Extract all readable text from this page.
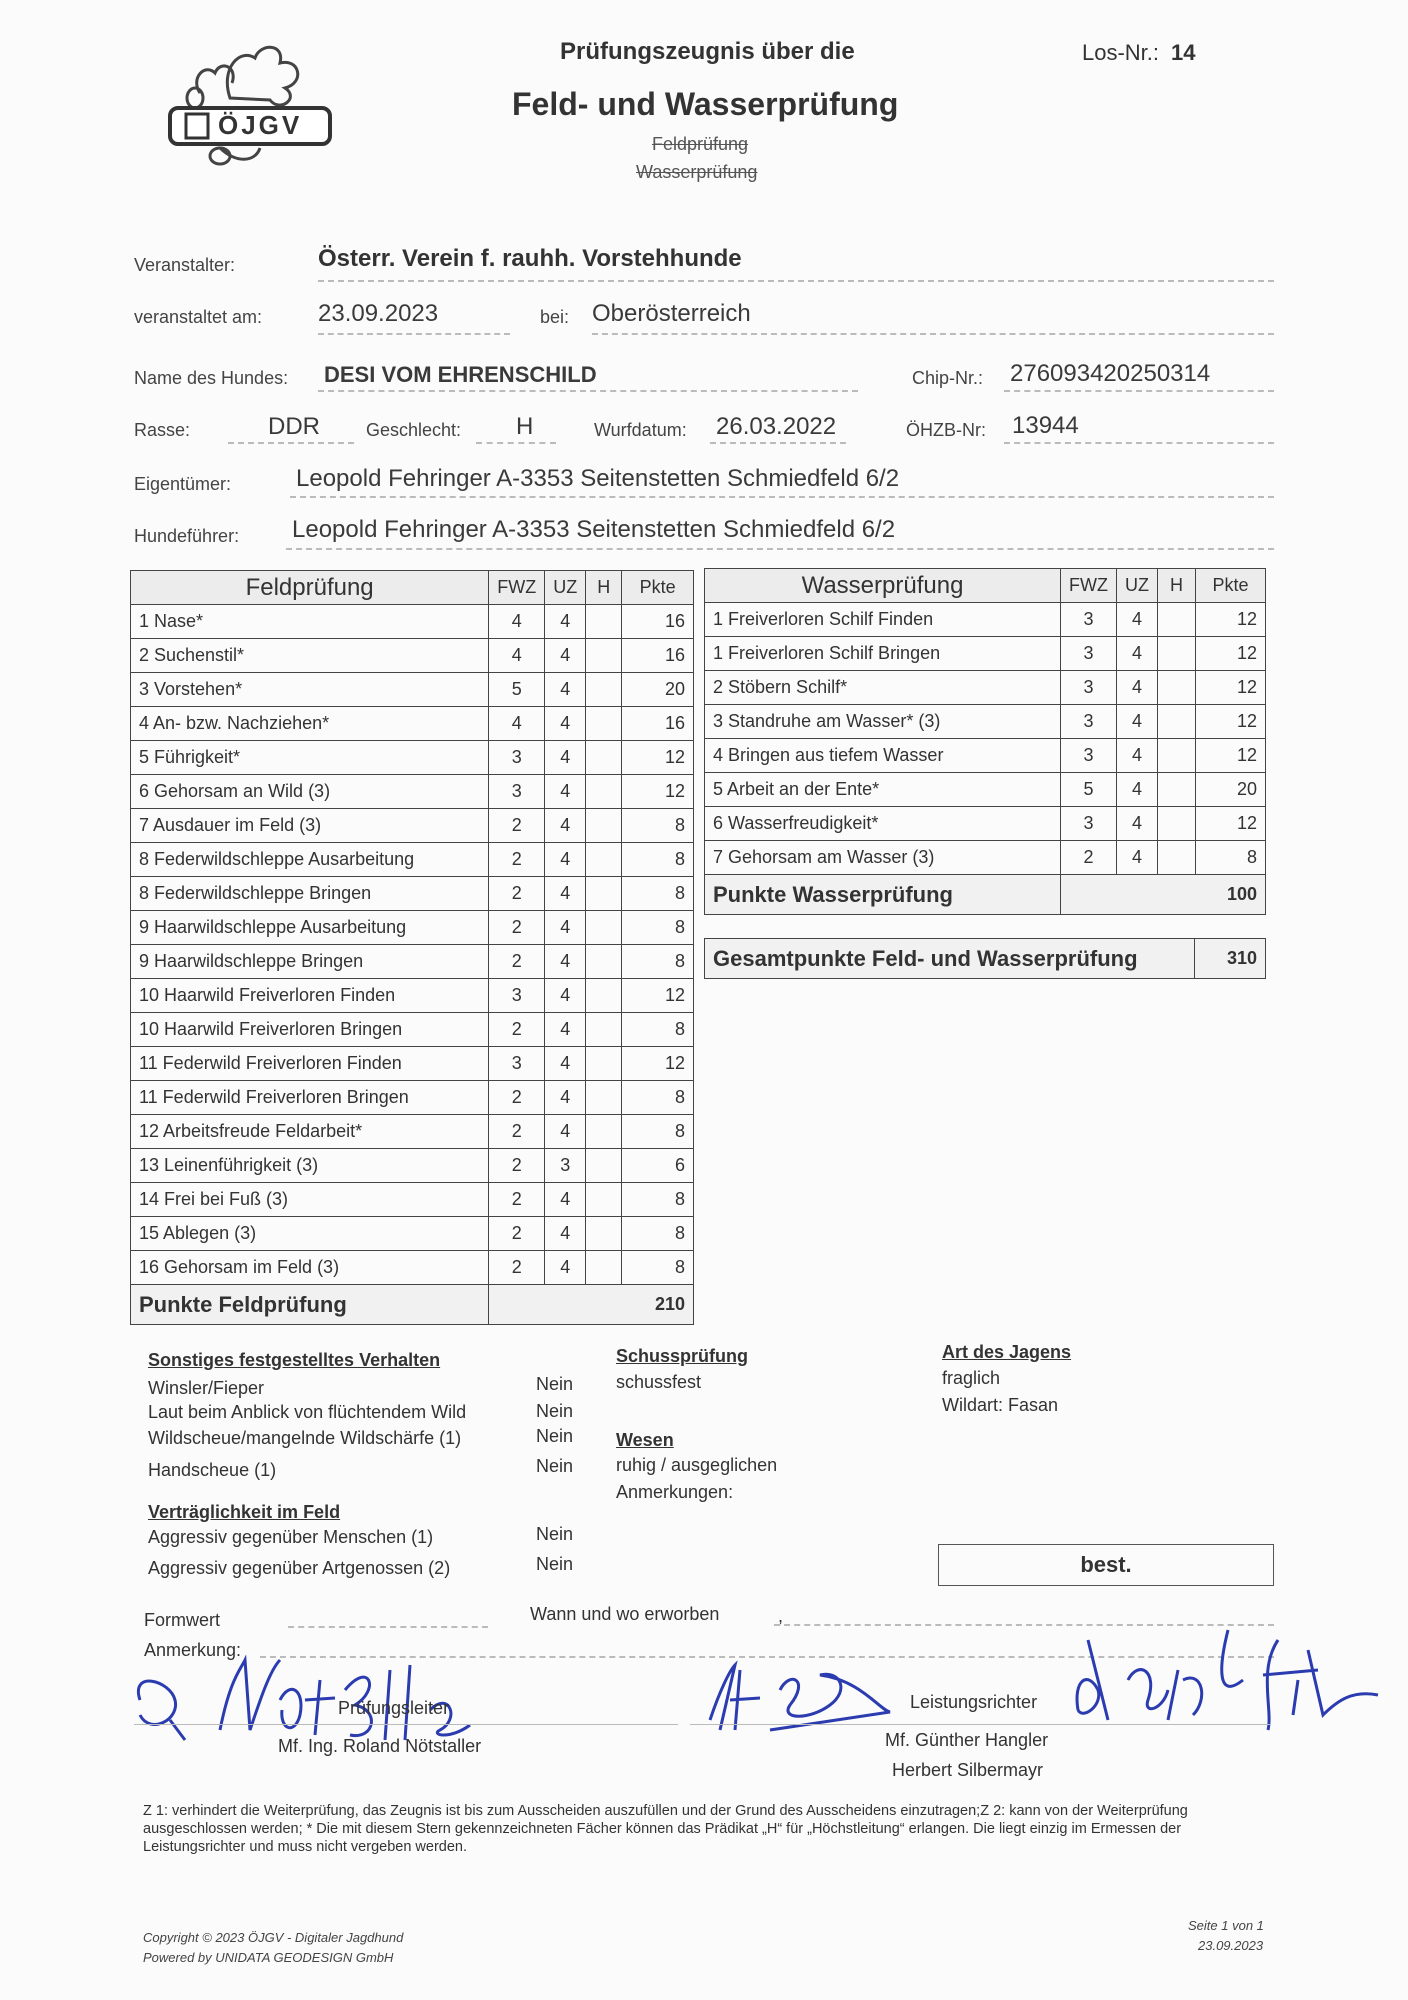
ÖJGV
Prüfungszeugnis über die
Feld- und Wasserprüfung
Feldprüfung
Wasserprüfung
Los-Nr.: 14
Veranstalter:	Österr. Verein f. rauhh. Vorstehhunde
veranstaltet am: 23.09.2023	bei: Oberösterreich
Name des Hundes: DESI VOM EHRENSCHILD	Chip-Nr.: 276093420250314
Rasse:	DDR	Geschlecht: H	Wurfdatum: 26.03.2022	ÖHZB-Nr: 13944
Eigentümer:	Leopold Fehringer A-3353 Seitenstetten Schmiedfeld 6/2
Hundeführer: Leopold Fehringer A-3353 Seitenstetten Schmiedfeld 6/2
Feldprüfung	FWZ	UZ	H	Pkte
1 Nase*	4	4		16
2 Suchenstil*	4	4		16
3 Vorstehen*	5	4		20
4 An- bzw. Nachziehen*	4	4		16
5 Führigkeit*	3	4		12
6 Gehorsam an Wild (3)	3	4		12
7 Ausdauer im Feld (3)	2	4		8
8 Federwildschleppe Ausarbeitung	2	4		8
8 Federwildschleppe Bringen	2	4		8
9 Haarwildschleppe Ausarbeitung	2	4		8
9 Haarwildschleppe Bringen	2	4		8
10 Haarwild Freiverloren Finden	3	4		12
10 Haarwild Freiverloren Bringen	2	4		8
11 Federwild Freiverloren Finden	3	4		12
11 Federwild Freiverloren Bringen	2	4		8
12 Arbeitsfreude Feldarbeit*	2	4		8
13 Leinenführigkeit (3)	2	3		6
14 Frei bei Fuß (3)	2	4		8
15 Ablegen (3)	2	4		8
16 Gehorsam im Feld (3)	2	4		8
Punkte Feldprüfung	210			
Wasserprüfung	FWZ	UZ	H	Pkte
1 Freiverloren Schilf Finden	3	4		12
1 Freiverloren Schilf Bringen	3	4		12
2 Stöbern Schilf*	3	4		12
3 Standruhe am Wasser* (3)	3	4		12
4 Bringen aus tiefem Wasser	3	4		12
5 Arbeit an der Ente*	5	4		20
6 Wasserfreudigkeit*	3	4		12
7 Gehorsam am Wasser (3)	2	4		8
Punkte Wasserprüfung	100			
Gesamtpunkte Feld- und Wasserprüfung	310
Sonstiges festgestelltes Verhalten
Winsler/Fieper	Nein
Laut beim Anblick von flüchtendem Wild	Nein
Wildscheue/mangelnde Wildschärfe (1)	Nein
Handscheue (1)	Nein
Verträglichkeit im Feld
Aggressiv gegenüber Menschen (1)	Nein
Aggressiv gegenüber Artgenossen (2)	Nein
Schussprüfung
schussfest
Wesen
ruhig / ausgeglichen
Anmerkungen:
Art des Jagens
fraglich
Wildart: Fasan
best.
Formwert	Wann und wo erworben	,
Anmerkung:
Prüfungsleiter
Mf. Ing. Roland Nötstaller
Leistungsrichter
Mf. Günther Hangler
Herbert Silbermayr
Z 1: verhindert die Weiterprüfung, das Zeugnis ist bis zum Ausscheiden auszufüllen und der Grund des Ausscheidens einzutragen;Z 2: kann von der Weiterprüfung ausgeschlossen werden; * Die mit diesem Stern gekennzeichneten Fächer können das Prädikat „H“ für „Höchstleitung“ erlangen. Die liegt einzig im Ermessen der Leistungsrichter und muss nicht vergeben werden.
Copyright © 2023 ÖJGV - Digitaler Jagdhund
Powered by UNIDATA GEODESIGN GmbH
Seite 1 von 1
23.09.2023
